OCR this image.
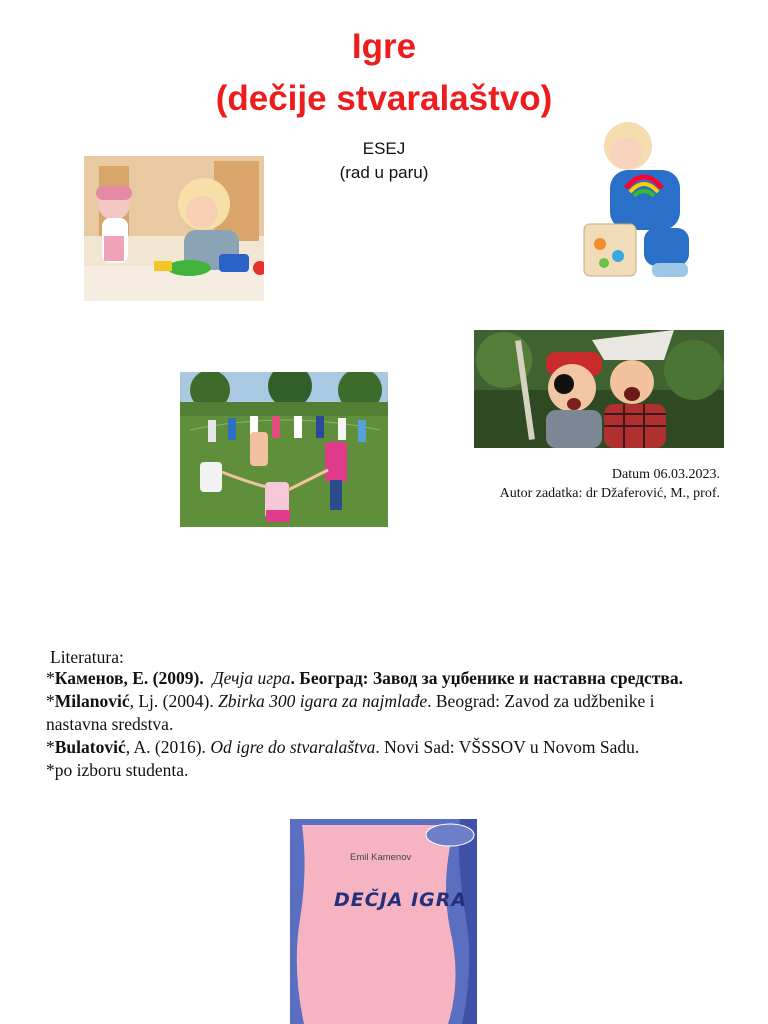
Igre
(dečije stvaralaštvo)
ESEJ
(rad u paru)
Datum 06.03.2023.
Autor zadatka: dr Džaferović, M., prof.
Literatura:
*Каменов, Е. (2009). Дечја игра. Београд: Завод за уџбенике и наставна средства.
*Milanović, Lj. (2004). Zbirka 300 igara za najmlađe. Beograd: Zavod za udžbenike i
nastavna sredstva.
*Bulatović, A. (2016). Od igre do stvaralaštva. Novi Sad: VŠSSOV u Novom Sadu.
*po izboru studenta.
Emil Kamenov
DEČJA IGRA
